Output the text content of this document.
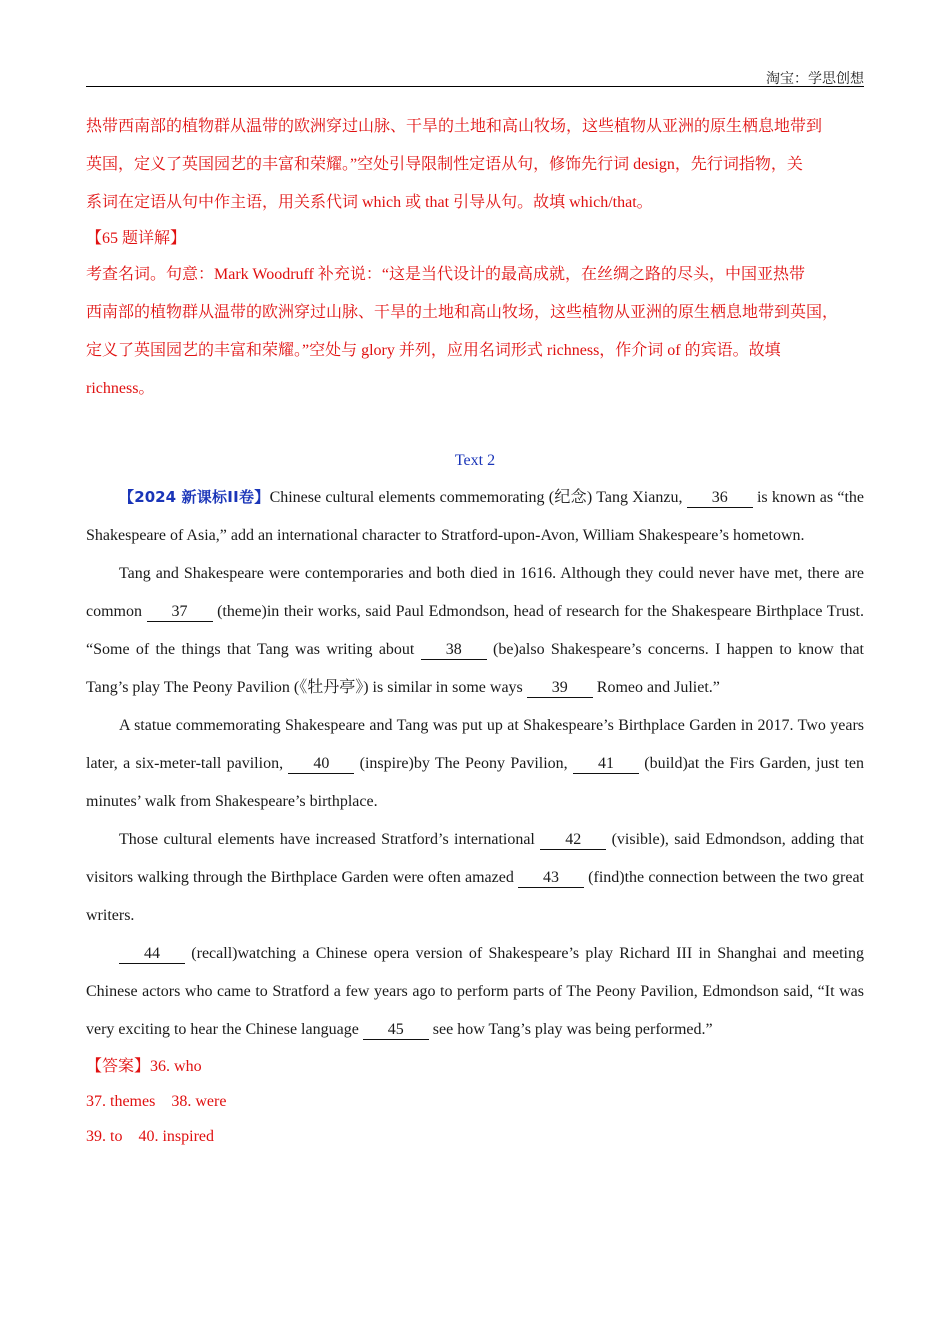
淘宝：学思创想

热带西南部的植物群从温带的欧洲穿过山脉、干旱的土地和高山牧场，这些植物从亚洲的原生栖息地带到

英国，定义了英国园艺的丰富和荣耀。”空处引导限制性定语从句，修饰先行词 design，先行词指物，关

系词在定语从句中作主语，用关系代词 which 或 that 引导从句。故填 which/that。

【65 题详解】

考查名词。句意：Mark Woodruff 补充说：“这是当代设计的最高成就，在丝绸之路的尽头，中国亚热带

西南部的植物群从温带的欧洲穿过山脉、干旱的土地和高山牧场，这些植物从亚洲的原生栖息地带到英国，

定义了英国园艺的丰富和荣耀。”空处与 glory 并列，应用名词形式 richness，作介词 of 的宾语。故填

richness。

Text 2

【2024 新课标ⅠⅠ卷】Chinese cultural elements commemorating (纪念) Tang Xianzu, 36 is known as “the Shakespeare of Asia,” add an international character to Stratford-upon-Avon, William Shakespeare’s hometown.

Tang and Shakespeare were contemporaries and both died in 1616. Although they could never have met, there are common 37 (theme)in their works, said Paul Edmondson, head of research for the Shakespeare Birthplace Trust. “Some of the things that Tang was writing about 38 (be)also Shakespeare’s concerns. I happen to know that Tang’s play The Peony Pavilion (《牡丹亭》) is similar in some ways 39 Romeo and Juliet.”

A statue commemorating Shakespeare and Tang was put up at Shakespeare’s Birthplace Garden in 2017. Two years later, a six-meter-tall pavilion, 40 (inspire)by The Peony Pavilion, 41 (build)at the Firs Garden, just ten minutes’ walk from Shakespeare’s birthplace.

Those cultural elements have increased Stratford’s international 42 (visible), said Edmondson, adding that visitors walking through the Birthplace Garden were often amazed 43 (find)the connection between the two great writers.

44 (recall)watching a Chinese opera version of Shakespeare’s play Richard III in Shanghai and meeting Chinese actors who came to Stratford a few years ago to perform parts of The Peony Pavilion, Edmondson said, “It was very exciting to hear the Chinese language 45 see how Tang’s play was being performed.”

【答案】36. who

37. themes 38. were

39. to 40. inspired
